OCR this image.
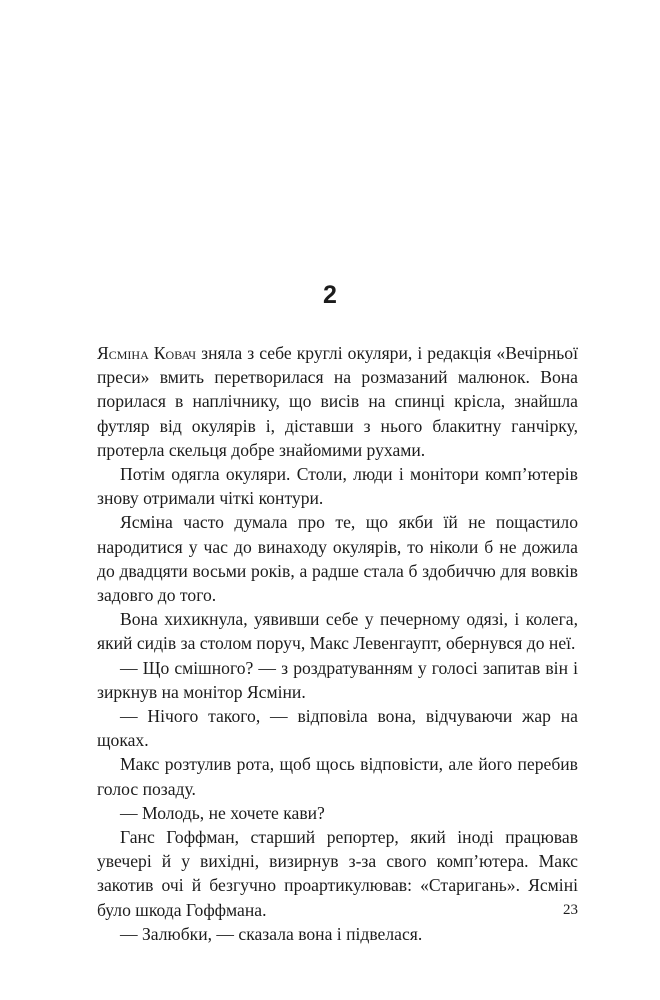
2

Ясміна Ковач зняла з себе круглі окуляри, і редакція «Вечірньої преси» вмить перетворилася на розмазаний малюнок. Вона порилася в наплічнику, що висів на спинці крісла, знайшла футляр від окулярів і, діставши з нього блакитну ганчірку, протерла скельця добре знайомими рухами.

Потім одягла окуляри. Столи, люди і монітори комп’ютерів знову отримали чіткі контури.

Ясміна часто думала про те, що якби їй не пощастило народитися у час до винаходу окулярів, то ніколи б не дожила до двадцяти восьми років, а радше стала б здобиччю для вовків задовго до того.

Вона хихикнула, уявивши себе у печерному одязі, і колега, який сидів за столом поруч, Макс Левенгаупт, обернувся до неї.

— Що смішного? — з роздратуванням у голосі запитав він і зиркнув на монітор Ясміни.

— Нічого такого, — відповіла вона, відчуваючи жар на щоках.

Макс розтулив рота, щоб щось відповісти, але його перебив голос позаду.

— Молодь, не хочете кави?

Ганс Гоффман, старший репортер, який іноді працював увечері й у вихідні, визирнув з-за свого комп’ютера. Макс закотив очі й безгучно проартикулював: «Старигань». Ясміні було шкода Гоффмана.

— Залюбки, — сказала вона і підвелася.

23
